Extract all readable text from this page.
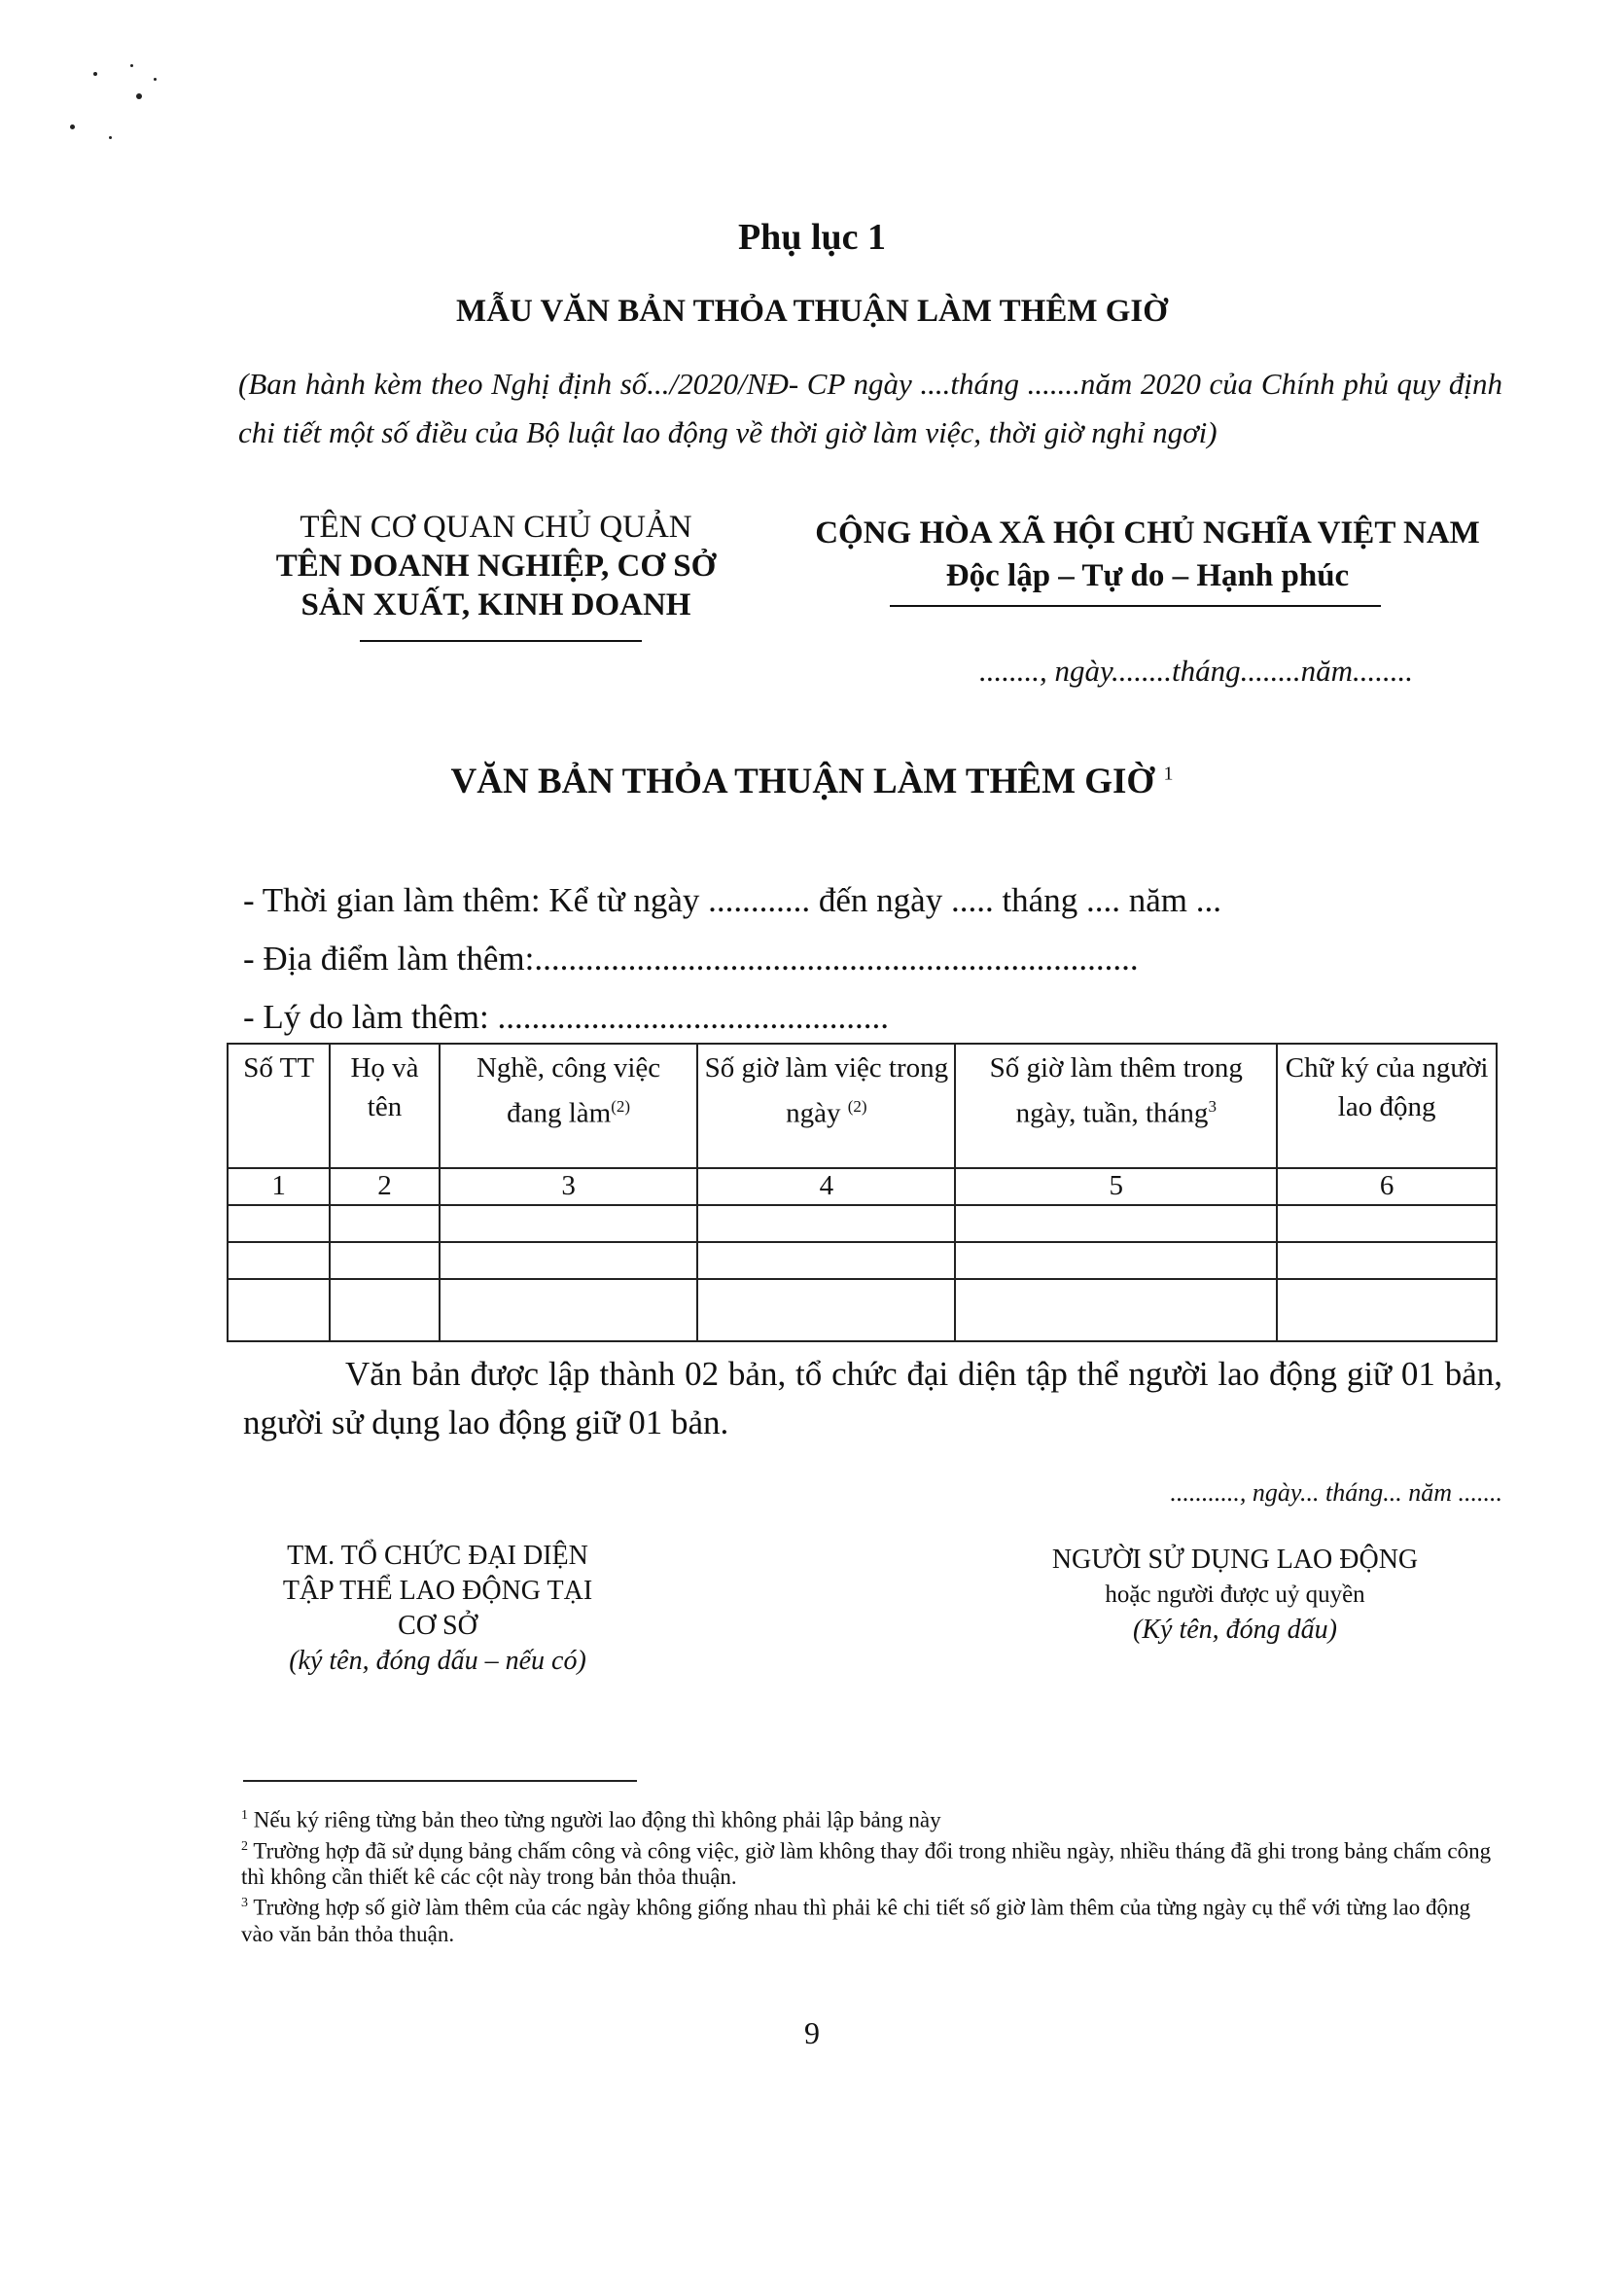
Phụ lục 1
MẪU VĂN BẢN THỎA THUẬN LÀM THÊM GIỜ
(Ban hành kèm theo Nghị định số.../2020/NĐ- CP ngày ....tháng .......năm 2020 của Chính phủ quy định chi tiết một số điều của Bộ luật lao động về thời giờ làm việc, thời giờ nghỉ ngơi)
TÊN CƠ QUAN CHỦ QUẢN
TÊN DOANH NGHIỆP, CƠ SỞ
SẢN XUẤT, KINH DOANH
CỘNG HÒA XÃ HỘI CHỦ NGHĨA VIỆT NAM
Độc lập – Tự do – Hạnh phúc
........, ngày........tháng........năm........
VĂN BẢN THỎA THUẬN LÀM THÊM GIỜ $^1$
- Thời gian làm thêm: Kể từ ngày ............ đến ngày ..... tháng .... năm ...
- Địa điểm làm thêm:.......................................................................
- Lý do làm thêm: ..............................................
Số TT	Họ và tên	Nghề, công việc đang làm$^{(2)}$	Số giờ làm việc trong ngày $^{(2)}$	Số giờ làm thêm trong ngày, tuần, tháng$^3$	Chữ ký của người lao động
1	2	3	4	5	6

Văn bản được lập thành 02 bản, tổ chức đại diện tập thể người lao động giữ 01 bản, người sử dụng lao động giữ 01 bản.
..........., ngày... tháng... năm .......
TM. TỔ CHỨC ĐẠI DIỆN
TẬP THỂ LAO ĐỘNG TẠI
CƠ SỞ
(ký tên, đóng dấu – nếu có)
NGƯỜI SỬ DỤNG LAO ĐỘNG
hoặc người được uỷ quyền
(Ký tên, đóng dấu)

$^1$ Nếu ký riêng từng bản theo từng người lao động thì không phải lập bảng này

$^2$ Trường hợp đã sử dụng bảng chấm công và công việc, giờ làm không thay đổi trong nhiều ngày, nhiều tháng đã ghi trong bảng chấm công thì không cần thiết kê các cột này trong bản thỏa thuận.

$^3$ Trường hợp số giờ làm thêm của các ngày không giống nhau thì phải kê chi tiết số giờ làm thêm của từng ngày cụ thể với từng lao động vào văn bản thỏa thuận.

9
